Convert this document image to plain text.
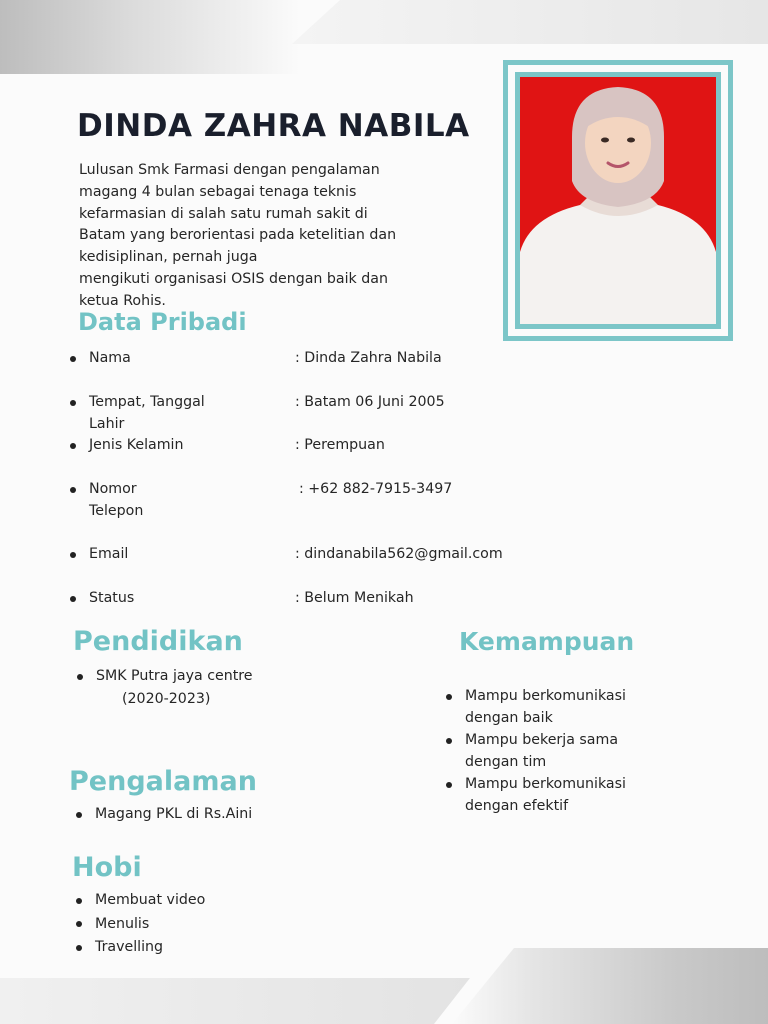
DINDA ZAHRA NABILA

Lulusan Smk Farmasi dengan pengalaman
magang 4 bulan sebagai tenaga teknis
kefarmasian di salah satu rumah sakit di
Batam yang berorientasi pada ketelitian dan
kedisiplinan, pernah juga
mengikuti organisasi OSIS dengan baik dan
ketua Rohis.

Data Pribadi
Nama	: Dinda Zahra Nabila
Tempat, Tanggal Lahir
: Batam 06 Juni 2005
Jenis Kelamin	: Perempuan
Nomor Telepon
: +62 882-7915-3497
Email	: dindanabila562@gmail.com
Status	: Belum Menikah
Pendidikan
SMK Putra jaya centre
(2020-2023)
Kemampuan
Mampu berkomunikasi
dengan baik
Mampu bekerja sama
dengan tim
Mampu berkomunikasi
dengan efektif
Pengalaman
Magang PKL di Rs.Aini
Hobi
Membuat video
Menulis
Travelling
